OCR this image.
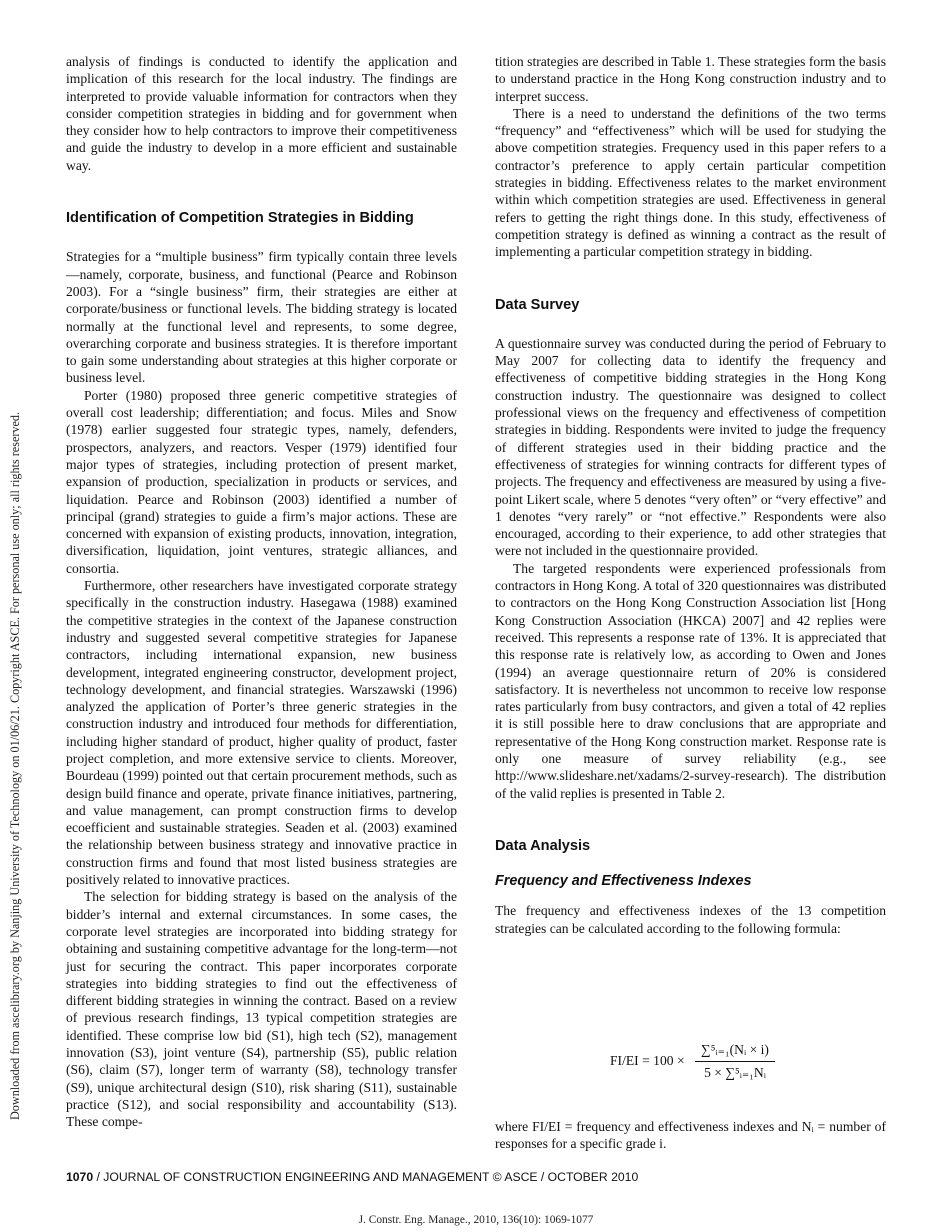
Downloaded from ascelibrary.org by Nanjing University of Technology on 01/06/21. Copyright ASCE. For personal use only; all rights reserved.

analysis of findings is conducted to identify the application and implication of this research for the local industry. The findings are interpreted to provide valuable information for contractors when they consider competition strategies in bidding and for government when they consider how to help contractors to improve their competitiveness and guide the industry to develop in a more efficient and sustainable way.

Identification of Competition Strategies in Bidding

Strategies for a “multiple business” firm typically contain three levels—namely, corporate, business, and functional (Pearce and Robinson 2003). For a “single business” firm, their strategies are either at corporate/business or functional levels. The bidding strategy is located normally at the functional level and represents, to some degree, overarching corporate and business strategies. It is therefore important to gain some understanding about strategies at this higher corporate or business level.

Porter (1980) proposed three generic competitive strategies of overall cost leadership; differentiation; and focus. Miles and Snow (1978) earlier suggested four strategic types, namely, defenders, prospectors, analyzers, and reactors. Vesper (1979) identified four major types of strategies, including protection of present market, expansion of production, specialization in products or services, and liquidation. Pearce and Robinson (2003) identified a number of principal (grand) strategies to guide a firm’s major actions. These are concerned with expansion of existing products, innovation, integration, diversification, liquidation, joint ventures, strategic alliances, and consortia.

Furthermore, other researchers have investigated corporate strategy specifically in the construction industry. Hasegawa (1988) examined the competitive strategies in the context of the Japanese construction industry and suggested several competitive strategies for Japanese contractors, including international expansion, new business development, integrated engineering constructor, development project, technology development, and financial strategies. Warszawski (1996) analyzed the application of Porter’s three generic strategies in the construction industry and introduced four methods for differentiation, including higher standard of product, higher quality of product, faster project completion, and more extensive service to clients. Moreover, Bourdeau (1999) pointed out that certain procurement methods, such as design build finance and operate, private finance initiatives, partnering, and value management, can prompt construction firms to develop ecoefficient and sustainable strategies. Seaden et al. (2003) examined the relationship between business strategy and innovative practice in construction firms and found that most listed business strategies are positively related to innovative practices.

The selection for bidding strategy is based on the analysis of the bidder’s internal and external circumstances. In some cases, the corporate level strategies are incorporated into bidding strategy for obtaining and sustaining competitive advantage for the long-term—not just for securing the contract. This paper incorporates corporate strategies into bidding strategies to find out the effectiveness of different bidding strategies in winning the contract. Based on a review of previous research findings, 13 typical competition strategies are identified. These comprise low bid (S1), high tech (S2), management innovation (S3), joint venture (S4), partnership (S5), public relation (S6), claim (S7), longer term of warranty (S8), technology transfer (S9), unique architectural design (S10), risk sharing (S11), sustainable practice (S12), and social responsibility and accountability (S13). These compe-

tition strategies are described in Table 1. These strategies form the basis to understand practice in the Hong Kong construction industry and to interpret success.

There is a need to understand the definitions of the two terms “frequency” and “effectiveness” which will be used for studying the above competition strategies. Frequency used in this paper refers to a contractor’s preference to apply certain particular competition strategies in bidding. Effectiveness relates to the market environment within which competition strategies are used. Effectiveness in general refers to getting the right things done. In this study, effectiveness of competition strategy is defined as winning a contract as the result of implementing a particular competition strategy in bidding.

Data Survey

A questionnaire survey was conducted during the period of February to May 2007 for collecting data to identify the frequency and effectiveness of competitive bidding strategies in the Hong Kong construction industry. The questionnaire was designed to collect professional views on the frequency and effectiveness of competition strategies in bidding. Respondents were invited to judge the frequency of different strategies used in their bidding practice and the effectiveness of strategies for winning contracts for different types of projects. The frequency and effectiveness are measured by using a five-point Likert scale, where 5 denotes “very often” or “very effective” and 1 denotes “very rarely” or “not effective.” Respondents were also encouraged, according to their experience, to add other strategies that were not included in the questionnaire provided.

The targeted respondents were experienced professionals from contractors in Hong Kong. A total of 320 questionnaires was distributed to contractors on the Hong Kong Construction Association list [Hong Kong Construction Association (HKCA) 2007] and 42 replies were received. This represents a response rate of 13%. It is appreciated that this response rate is relatively low, as according to Owen and Jones (1994) an average questionnaire return of 20% is considered satisfactory. It is nevertheless not uncommon to receive low response rates particularly from busy contractors, and given a total of 42 replies it is still possible here to draw conclusions that are appropriate and representative of the Hong Kong construction market. Response rate is only one measure of survey reliability (e.g., see http://www.slideshare.net/xadams/2-survey-research). The distribution of the valid replies is presented in Table 2.

Data Analysis
Frequency and Effectiveness Indexes

The frequency and effectiveness indexes of the 13 competition strategies can be calculated according to the following formula:

FI/EI = 100 ×
∑⁵ᵢ₌₁(Nᵢ × i)
5 × ∑⁵ᵢ₌₁Nᵢ

where FI/EI = frequency and effectiveness indexes and Nᵢ = number of responses for a specific grade i.

1070 / JOURNAL OF CONSTRUCTION ENGINEERING AND MANAGEMENT © ASCE / OCTOBER 2010
J. Constr. Eng. Manage., 2010, 136(10): 1069-1077
